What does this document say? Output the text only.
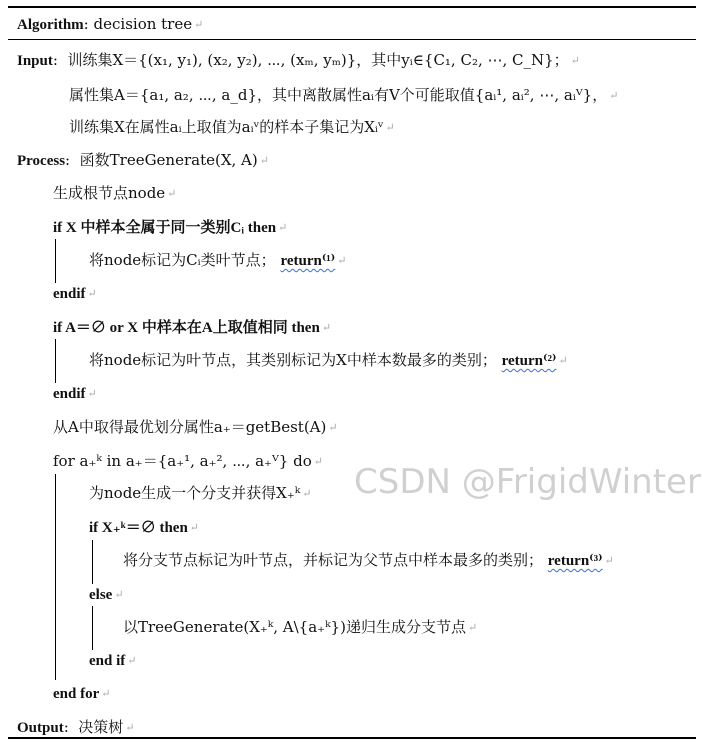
Algorithm: decision tree ↵
Input:  训练集X＝{(x₁, y₁), (x₂, y₂), ⋯, (xₘ, yₘ)}，其中yᵢ∈{C₁, C₂, ⋯, C_N}； ↵
属性集A＝{a₁, a₂, ⋯, a_d}，其中离散属性aᵢ有V个可能取值{aᵢ¹, aᵢ², ⋯, aᵢⱽ}， ↵
训练集X在属性aᵢ上取值为aᵢᵛ的样本子集记为Xᵢᵛ ↵
Process:  函数TreeGenerate(X, A) ↵
生成根节点node ↵
if X 中样本全属于同一类别Cᵢ then ↵
将node标记为Cᵢ类叶节点； return⁽¹⁾ ↵
endif ↵
if A＝∅ or X 中样本在A上取值相同 then ↵
将node标记为叶节点，其类别标记为X中样本数最多的类别； return⁽²⁾ ↵
endif ↵
从A中取得最优划分属性a₊＝getBest(A) ↵
for a₊ᵏ in a₊＝{a₊¹, a₊², ⋯, a₊ⱽ} do ↵
为node生成一个分支并获得X₊ᵏ ↵
if X₊ᵏ＝∅ then ↵
将分支节点标记为叶节点，并标记为父节点中样本最多的类别； return⁽³⁾ ↵
else ↵
以TreeGenerate(X₊ᵏ, A\{a₊ᵏ})递归生成分支节点 ↵
end if ↵
end for ↵
Output:  决策树 ↵
CSDN @FrigidWinter
